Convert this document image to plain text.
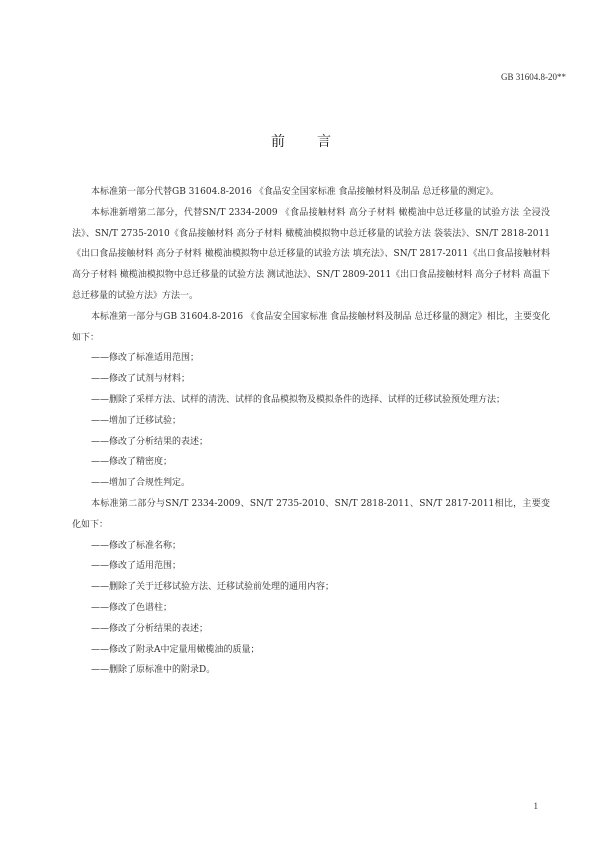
GB 31604.8-20**
前言

本标准第一部分代替GB 31604.8-2016 《食品安全国家标准 食品接触材料及制品 总迁移量的测定》。

本标准新增第二部分，代替SN/T 2334-2009 《食品接触材料 高分子材料 橄榄油中总迁移量的试验方法 全浸没法》、SN/T 2735-2010《食品接触材料 高分子材料 橄榄油模拟物中总迁移量的试验方法 袋装法》、SN/T 2818-2011《出口食品接触材料 高分子材料 橄榄油模拟物中总迁移量的试验方法 填充法》、SN/T 2817-2011《出口食品接触材料 高分子材料 橄榄油模拟物中总迁移量的试验方法 测试池法》、SN/T 2809-2011《出口食品接触材料 高分子材料 高温下总迁移量的试验方法》方法一。

本标准第一部分与GB 31604.8-2016 《食品安全国家标准 食品接触材料及制品 总迁移量的测定》相比，主要变化如下：

——修改了标准适用范围；

——修改了试剂与材料；

——删除了采样方法、试样的清洗、试样的食品模拟物及模拟条件的选择、试样的迁移试验预处理方法；

——增加了迁移试验；

——修改了分析结果的表述；

——修改了精密度；

——增加了合规性判定。

本标准第二部分与SN/T 2334-2009、SN/T 2735-2010、SN/T 2818-2011、SN/T 2817-2011相比，主要变化如下：

——修改了标准名称；

——修改了适用范围；

——删除了关于迁移试验方法、迁移试验前处理的通用内容；

——修改了色谱柱；

——修改了分析结果的表述；

——修改了附录A中定量用橄榄油的质量；

——删除了原标准中的附录D。

1
